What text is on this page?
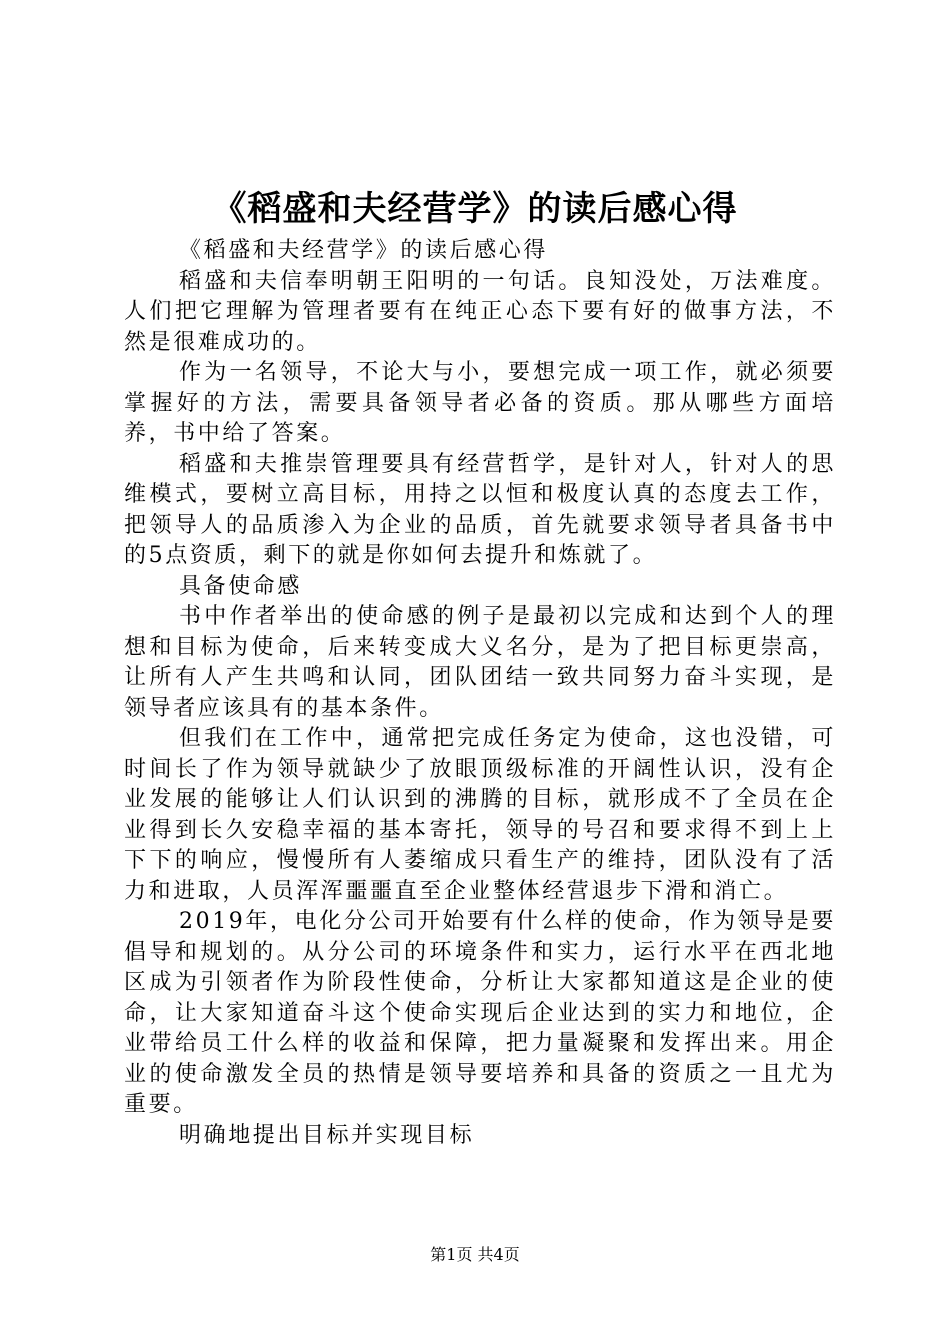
《稻盛和夫经营学》的读后感心得

《稻盛和夫经营学》的读后感心得

稻盛和夫信奉明朝王阳明的一句话。良知没处，万法难度。人们把它理解为管理者要有在纯正心态下要有好的做事方法，不然是很难成功的。

作为一名领导，不论大与小，要想完成一项工作，就必须要掌握好的方法，需要具备领导者必备的资质。那从哪些方面培养，书中给了答案。

稻盛和夫推崇管理要具有经营哲学，是针对人，针对人的思维模式，要树立高目标，用持之以恒和极度认真的态度去工作，把领导人的品质渗入为企业的品质，首先就要求领导者具备书中的5点资质，剩下的就是你如何去提升和炼就了。

具备使命感

书中作者举出的使命感的例子是最初以完成和达到个人的理想和目标为使命，后来转变成大义名分，是为了把目标更崇高，让所有人产生共鸣和认同，团队团结一致共同努力奋斗实现，是领导者应该具有的基本条件。

但我们在工作中，通常把完成任务定为使命，这也没错，可时间长了作为领导就缺少了放眼顶级标准的开阔性认识，没有企业发展的能够让人们认识到的沸腾的目标，就形成不了全员在企业得到长久安稳幸福的基本寄托，领导的号召和要求得不到上上下下的响应，慢慢所有人萎缩成只看生产的维持，团队没有了活力和进取，人员浑浑噩噩直至企业整体经营退步下滑和消亡。

2019年，电化分公司开始要有什么样的使命，作为领导是要倡导和规划的。从分公司的环境条件和实力，运行水平在西北地区成为引领者作为阶段性使命，分析让大家都知道这是企业的使命，让大家知道奋斗这个使命实现后企业达到的实力和地位，企业带给员工什么样的收益和保障，把力量凝聚和发挥出来。用企业的使命激发全员的热情是领导要培养和具备的资质之一且尤为重要。

明确地提出目标并实现目标

第1页 共4页
